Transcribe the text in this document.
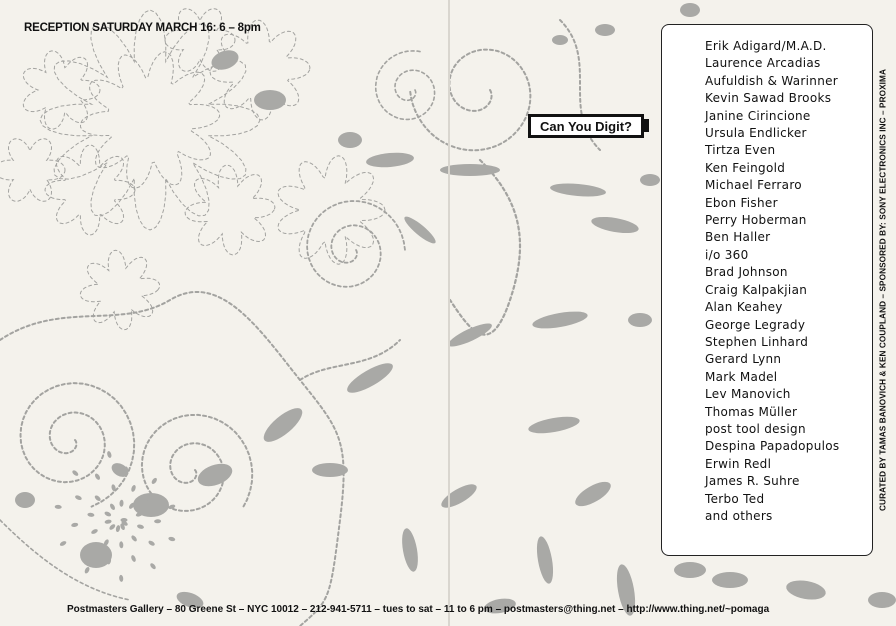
RECEPTION SATURDAY MARCH 16: 6 – 8pm
Can You Digit?
Erik Adigard/M.A.D.
Laurence Arcadias
Aufuldish & Warinner
Kevin Sawad Brooks
Janine Cirincione
Ursula Endlicker
Tirtza Even
Ken Feingold
Michael Ferraro
Ebon Fisher
Perry Hoberman
Ben Haller
i/o 360
Brad Johnson
Craig Kalpakjian
Alan Keahey
George Legrady
Stephen Linhard
Gerard Lynn
Mark Madel
Lev Manovich
Thomas Müller
post tool design
Despina Papadopulos
Erwin Redl
James R. Suhre
Terbo Ted
and others
CURATED BY TAMAS BANOVICH & KEN COUPLAND – SPONSORED BY: SONY ELECTRONICS INC – PROXIMA
Postmasters Gallery – 80 Greene St – NYC 10012 – 212-941-5711 – tues to sat – 11 to 6 pm – postmasters@thing.net – http://www.thing.net/~pomaga
